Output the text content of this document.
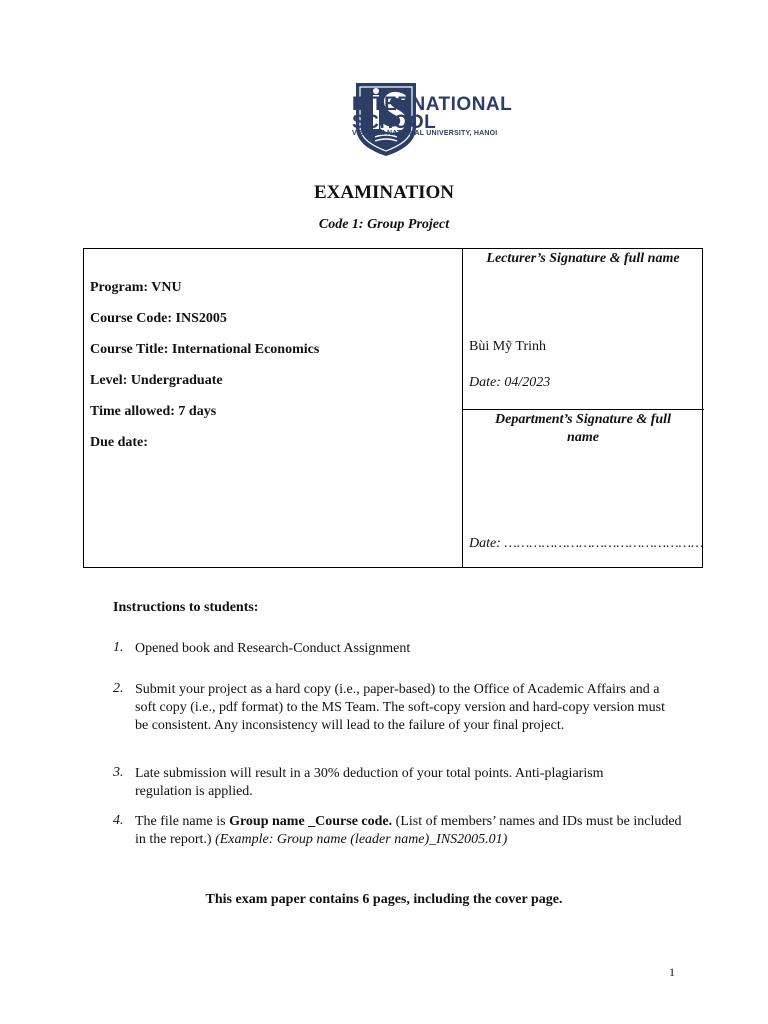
INTERNATIONAL
SCHOOL
VIETNAM NATIONAL UNIVERSITY, HANOI
EXAMINATION
Code 1: Group Project
Program: VNU
Course Code: INS2005
Course Title: International Economics
Level: Undergraduate
Time allowed: 7 days
Due date:
Lecturer’s Signature & full name
Bùi Mỹ Trinh
Date: 04/2023
Department’s Signature & full
name
Date: …………………………………………
Instructions to students:
1. Opened book and Research-Conduct Assignment
2. Submit your project as a hard copy (i.e., paper-based) to the Office of Academic Affairs and a soft copy (i.e., pdf format) to the MS Team. The soft-copy version and hard-copy version must be consistent. Any inconsistency will lead to the failure of your final project.
3. Late submission will result in a 30% deduction of your total points. Anti-plagiarism regulation is applied.
4. The file name is Group name _Course code. (List of members’ names and IDs must be included in the report.) (Example: Group name (leader name)_INS2005.01)
This exam paper contains 6 pages, including the cover page.
1
